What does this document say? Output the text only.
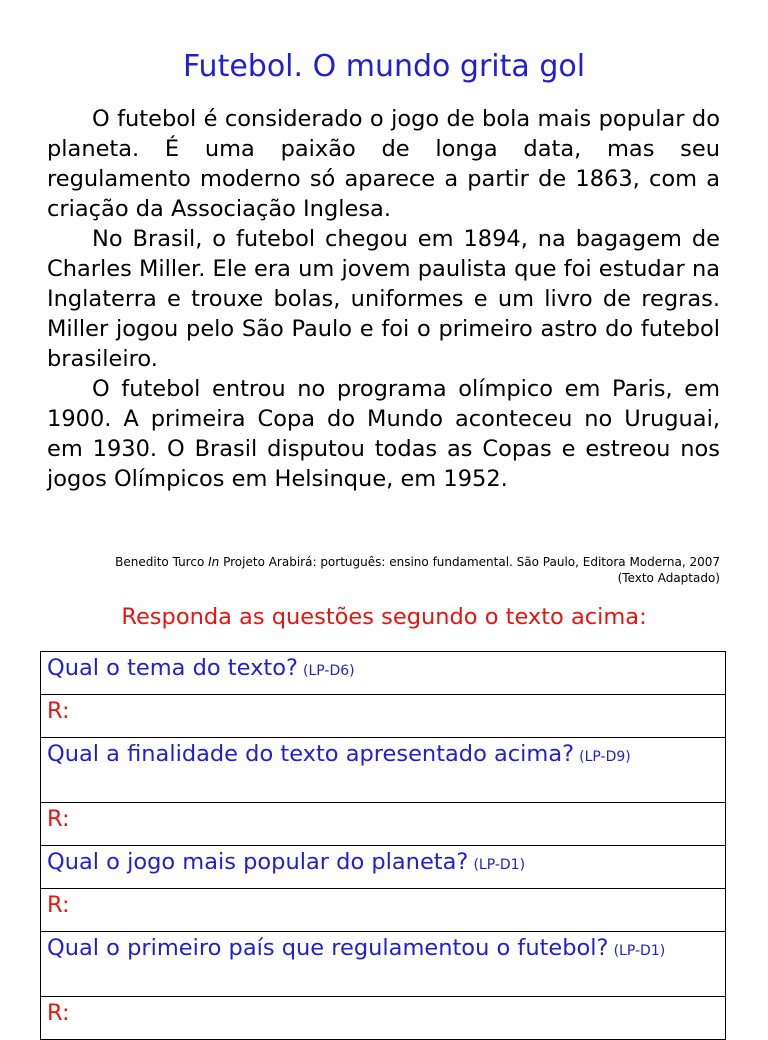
Futebol. O mundo grita gol

O futebol é considerado o jogo de bola mais popular do planeta. É uma paixão de longa data, mas seu regulamento moderno só aparece a partir de 1863, com a criação da Associação Inglesa.

No Brasil, o futebol chegou em 1894, na bagagem de Charles Miller. Ele era um jovem paulista que foi estudar na Inglaterra e trouxe bolas, uniformes e um livro de regras. Miller jogou pelo São Paulo e foi o primeiro astro do futebol brasileiro.

O futebol entrou no programa olímpico em Paris, em 1900. A primeira Copa do Mundo aconteceu no Uruguai, em 1930. O Brasil disputou todas as Copas e estreou nos jogos Olímpicos em Helsinque, em 1952.

Benedito Turco In Projeto Arabirá: português: ensino fundamental. São Paulo, Editora Moderna, 2007
(Texto Adaptado)
Responda as questões segundo o texto acima:
Qual o tema do texto? (LP-D6)
R:
Qual a finalidade do texto apresentado acima? (LP-D9)
R:
Qual o jogo mais popular do planeta? (LP-D1)
R:
Qual o primeiro país que regulamentou o futebol? (LP-D1)
R:
